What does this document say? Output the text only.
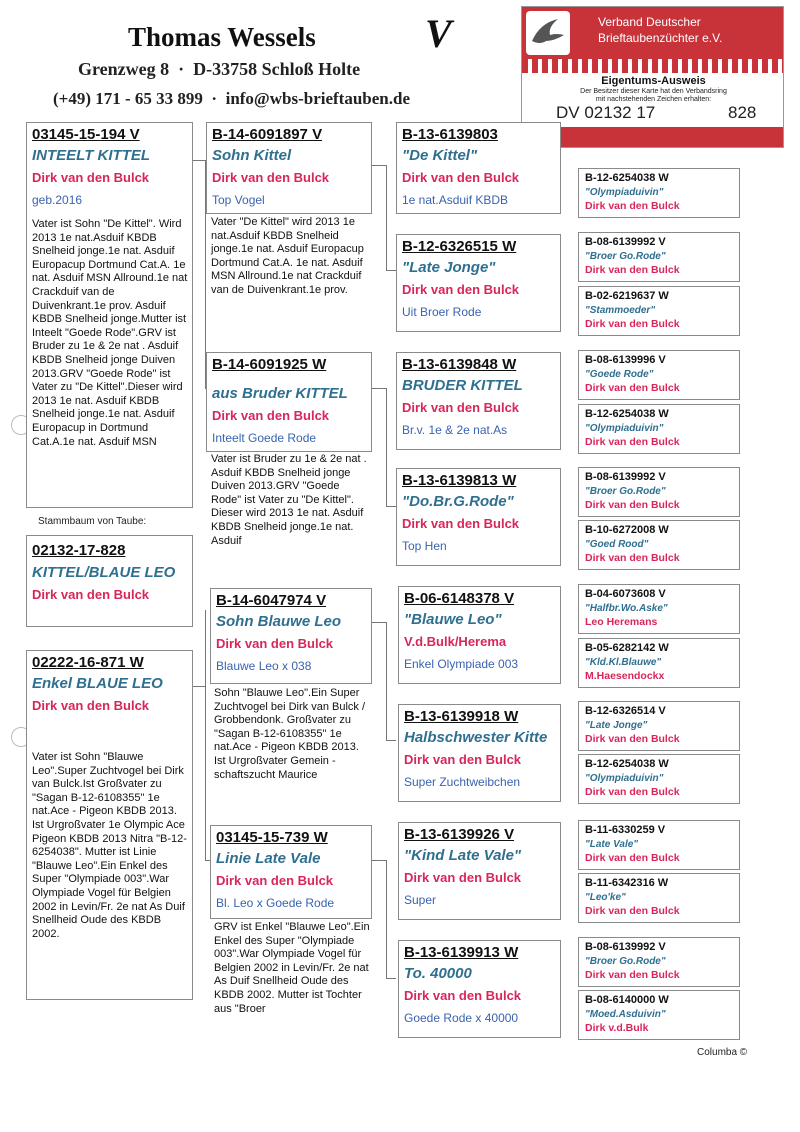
Thomas Wessels	V
Grenzweg 8  ·  D-33758 Schloß Holte
(+49) 171 - 65 33 899  ·  info@wbs-brieftauben.de
Verband Deutscher
Brieftaubenzüchter e.V.
Eigentums-Ausweis
Der Besitzer dieser Karte hat den Verbandsring
mit nachstehenden Zeichen erhalten:
DV 02132 17	828
03145-15-194 V
INTEELT KITTEL
Dirk van den Bulck
geb.2016
Vater ist Sohn "De Kittel". Wird 2013 1e nat.Asduif KBDB Snelheid jonge.1e nat. Asduif Europacup Dortmund Cat.A. 1e nat. Asduif MSN Allround.1e nat Crackduif van de Duivenkrant.1e prov. Asduif KBDB Snelheid jonge.Mutter ist Inteelt "Goede Rode".GRV ist Bruder zu 1e & 2e nat . Asduif KBDB Snelheid jonge Duiven 2013.GRV "Goede Rode" ist Vater zu "De Kittel".Dieser wird 2013 1e nat. Asduif KBDB Snelheid jonge.1e nat. Asduif Europacup in Dortmund Cat.A.1e nat. Asduif MSN
Stammbaum von Taube:
02132-17-828
KITTEL/BLAUE LEO
Dirk van den Bulck
02222-16-871 W
Enkel BLAUE LEO
Dirk van den Bulck
Vater ist Sohn "Blauwe Leo".Super Zuchtvogel bei Dirk van Bulck.Ist Großvater zu "Sagan B-12-6108355" 1e nat.Ace - Pigeon KBDB 2013. Ist Urgroßvater 1e Olympic Ace Pigeon KBDB 2013 Nitra "B-12-6254038". Mutter ist Linie "Blauwe Leo".Ein Enkel des Super "Olympiade 003".War Olympiade Vogel für Belgien 2002 in Levin/Fr. 2e nat As Duif Snellheid Oude des KBDB 2002.
B-14-6091897 V
Sohn Kittel
Dirk van den Bulck
Top Vogel
Vater "De Kittel" wird 2013 1e nat.Asduif KBDB Snelheid jonge.1e nat. Asduif Europacup Dortmund Cat.A. 1e nat. Asduif MSN Allround.1e nat Crackduif van de Duivenkrant.1e prov.
B-14-6091925 W
aus Bruder KITTEL
Dirk van den Bulck
Inteelt Goede Rode
Vater ist Bruder zu 1e & 2e nat . Asduif KBDB Snelheid jonge Duiven 2013.GRV "Goede Rode" ist Vater zu "De Kittel". Dieser wird 2013 1e nat. Asduif KBDB Snelheid jonge.1e nat. Asduif
B-14-6047974 V
Sohn Blauwe Leo
Dirk van den Bulck
Blauwe Leo x 038
Sohn "Blauwe Leo".Ein Super Zuchtvogel bei Dirk van Bulck / Grobbendonk. Großvater zu "Sagan B-12-6108355" 1e nat.Ace - Pigeon KBDB 2013. Ist Urgroßvater Gemein - schaftszucht Maurice
03145-15-739 W
Linie Late Vale
Dirk van den Bulck
Bl. Leo x Goede Rode
GRV ist Enkel "Blauwe Leo".Ein Enkel des Super "Olympiade 003".War Olympiade Vogel für Belgien 2002 in Levin/Fr. 2e nat As Duif Snellheid Oude des KBDB 2002. Mutter ist Tochter aus "Broer
B-13-6139803
"De Kittel"
Dirk van den Bulck
1e nat.Asduif KBDB
B-12-6326515 W
"Late Jonge"
Dirk van den Bulck
Uit Broer Rode
B-13-6139848 W
BRUDER KITTEL
Dirk van den Bulck
Br.v. 1e & 2e nat.As
B-13-6139813 W
"Do.Br.G.Rode"
Dirk van den Bulck
Top Hen
B-06-6148378 V
"Blauwe Leo"
V.d.Bulk/Herema
Enkel Olympiade 003
B-13-6139918 W
Halbschwester Kitte
Dirk van den Bulck
Super Zuchtweibchen
B-13-6139926 V
"Kind Late Vale"
Dirk van den Bulck
Super
B-13-6139913 W
To. 40000
Dirk van den Bulck
Goede Rode x 40000
B-12-6254038 W
"Olympiaduivin"
Dirk van den Bulck
B-08-6139992 V
"Broer Go.Rode"
Dirk van den Bulck
B-02-6219637 W
"Stammoeder"
Dirk van den Bulck
B-08-6139996 V
"Goede Rode"
Dirk van den Bulck
B-12-6254038 W
"Olympiaduivin"
Dirk van den Bulck
B-08-6139992 V
"Broer Go.Rode"
Dirk van den Bulck
B-10-6272008 W
"Goed Rood"
Dirk van den Bulck
B-04-6073608 V
"Halfbr.Wo.Aske"
Leo Heremans
B-05-6282142 W
"Kld.Kl.Blauwe"
M.Haesendockx
B-12-6326514 V
"Late Jonge"
Dirk van den Bulck
B-12-6254038 W
"Olympiaduivin"
Dirk van den Bulck
B-11-6330259 V
"Late Vale"
Dirk van den Bulck
B-11-6342316 W
"Leo'ke"
Dirk van den Bulck
B-08-6139992 V
"Broer Go.Rode"
Dirk van den Bulck
B-08-6140000 W
"Moed.Asduivin"
Dirk v.d.Bulk
Columba ©
